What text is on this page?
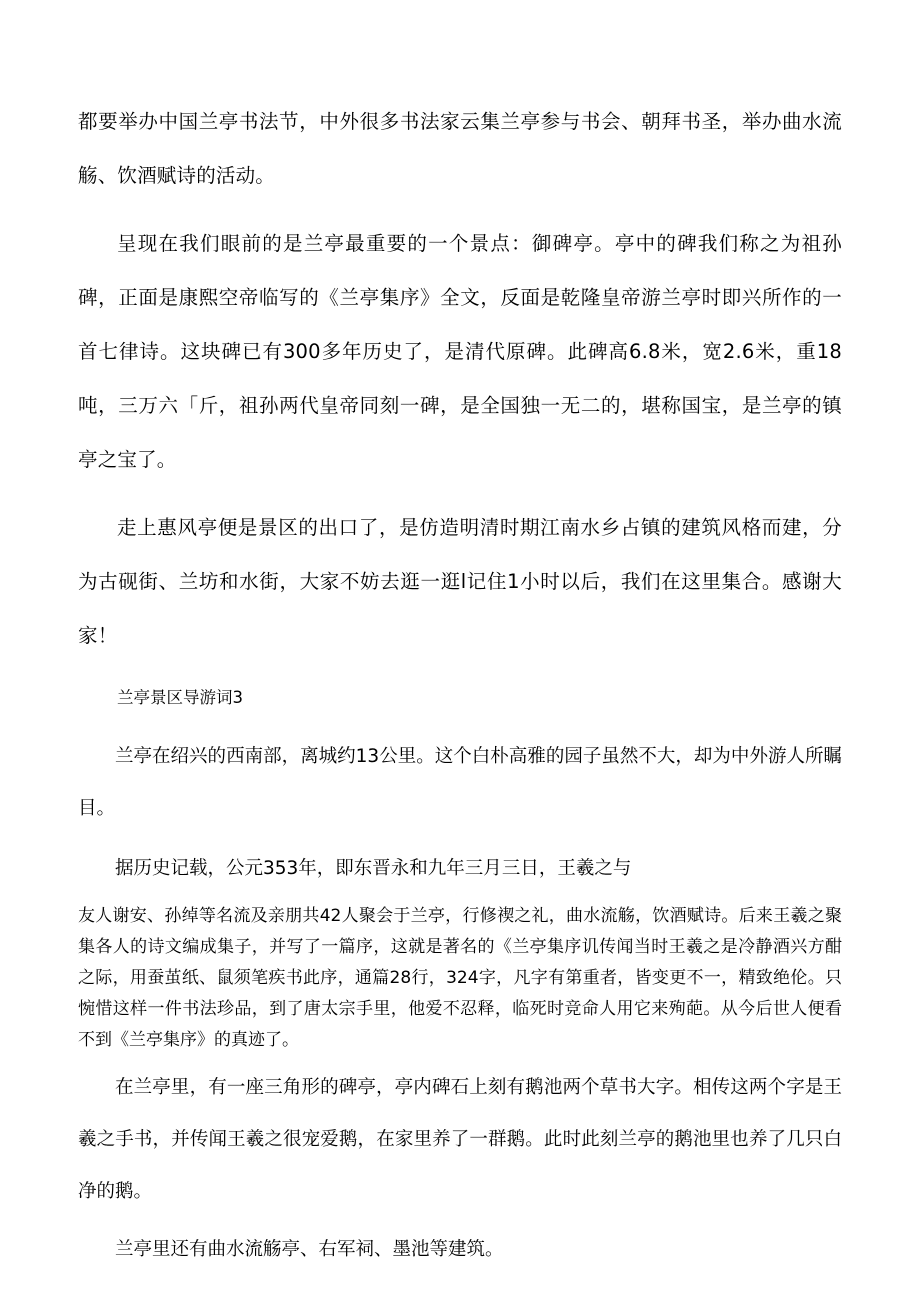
都要举办中国兰亭书法节，中外很多书法家云集兰亭参与书会、朝拜书圣，举办曲水流觞、饮酒赋诗的活动。

呈现在我们眼前的是兰亭最重要的一个景点：御碑亭。亭中的碑我们称之为祖孙碑，正面是康熙空帝临写的《兰亭集序》全文，反面是乾隆皇帝游兰亭时即兴所作的一首七律诗。这块碑已有300多年历史了，是清代原碑。此碑高6.8米，宽2.6米，重18吨，三万六「斤，祖孙两代皇帝同刻一碑，是全国独一无二的，堪称国宝，是兰亭的镇亭之宝了。

走上惠风亭便是景区的出口了，是仿造明清时期江南水乡占镇的建筑风格而建，分为古砚街、兰坊和水街，大家不妨去逛一逛l记住1小时以后，我们在这里集合。感谢大家！

兰亭景区导游词3

兰亭在绍兴的西南部，离城约13公里。这个白朴高雅的园子虽然不大，却为中外游人所瞩目。

据历史记载，公元353年，即东晋永和九年三月三日，王羲之与

友人谢安、孙绰等名流及亲朋共42人聚会于兰亭，行修禊之礼，曲水流觞，饮酒赋诗。后来王羲之聚集各人的诗文编成集子，并写了一篇序，这就是著名的《兰亭集序讥传闻当时王羲之是冷静酒兴方酣之际，用蚕茧纸、鼠须笔疾书此序，通篇28行，324字，凡字有第重者，皆变更不一，精致绝伦。只惋惜这样一件书法珍品，到了唐太宗手里，他爱不忍释，临死时竞命人用它来殉葩。从今后世人便看不到《兰亭集序》的真迹了。

在兰亭里，有一座三角形的碑亭，亭内碑石上刻有鹅池两个草书大字。相传这两个字是王羲之手书，并传闻王羲之很宠爱鹅，在家里养了一群鹅。此时此刻兰亭的鹅池里也养了几只白净的鹅。

兰亭里还有曲水流觞亭、右军祠、墨池等建筑。
